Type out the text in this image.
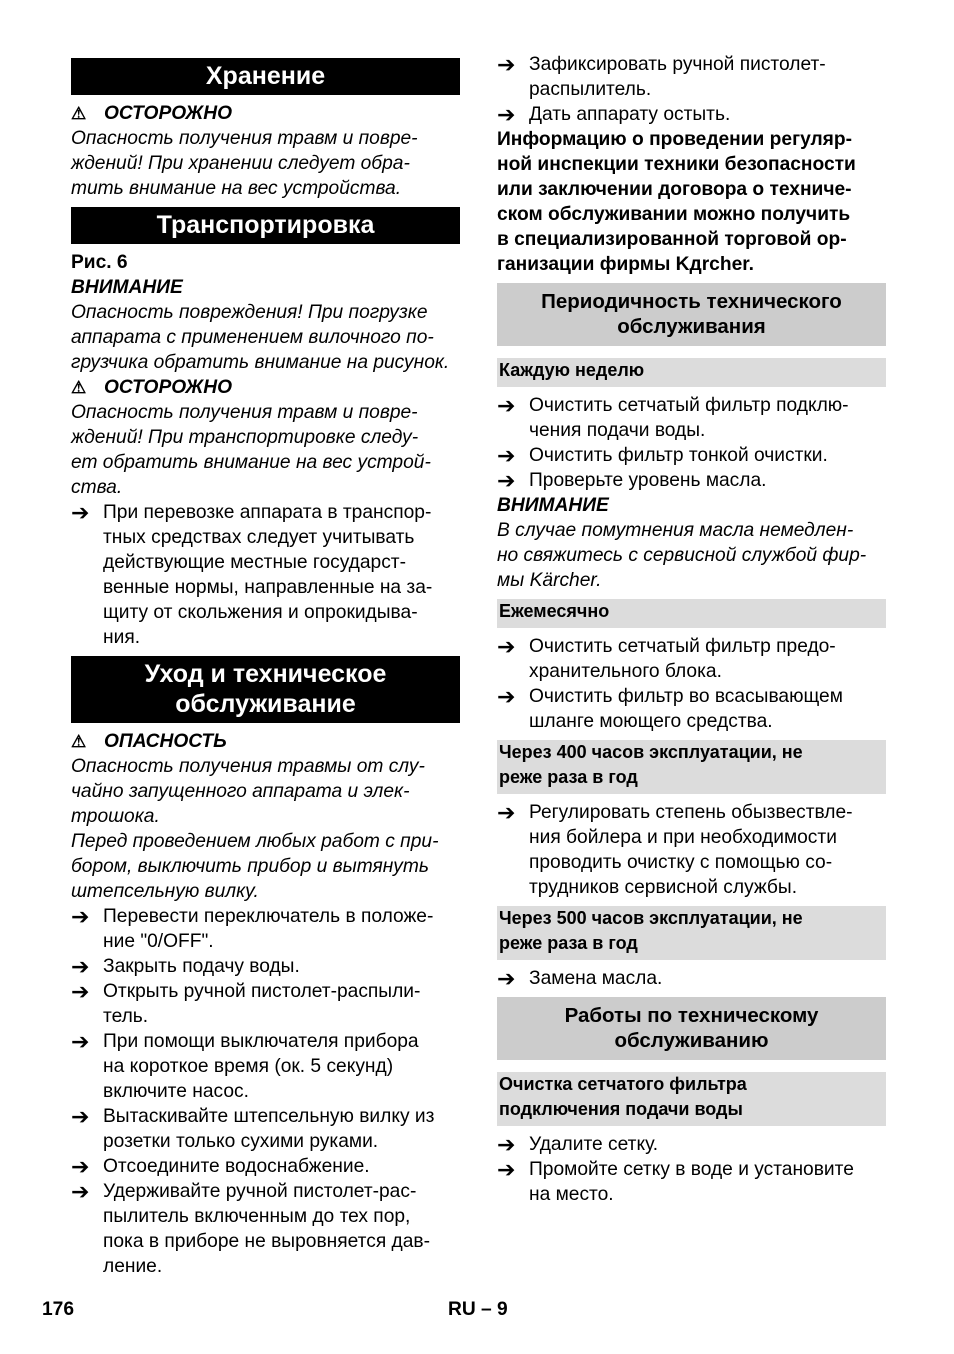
Хранение
⚠ ОСТОРОЖНО
Опасность получения травм и повре-
ждений! При хранении следует обра-
тить внимание на вес устройства.
Транспортировка
Рис. 6
ВНИМАНИЕ
Опасность повреждения! При погрузке
аппарата с применением вилочного по-
грузчика обратить внимание на рисунок.
⚠ ОСТОРОЖНО
Опасность получения травм и повре-
ждений! При транспортировке следу-
ет обратить внимание на вес устрой-
ства.
➔ При перевозке аппарата в транспор-
тных средствах следует учитывать
действующие местные государст-
венные нормы, направленные на за-
щиту от скольжения и опрокидыва-
ния.
Уход и техническое
обслуживание
⚠ ОПАСНОСТЬ
Опасность получения травмы от слу-
чайно запущенного аппарата и элек-
трошока.
Перед проведением любых работ с при-
бором, выключить прибор и вытянуть
штепсельную вилку.
➔ Перевести переключатель в положе-
ние "0/OFF".
➔ Закрыть подачу воды.
➔ Открыть ручной пистолет-распыли-
тель.
➔ При помощи выключателя прибора
на короткое время (ок. 5 секунд)
включите насос.
➔ Вытаскивайте штепсельную вилку из
розетки только сухими руками.
➔ Отсоедините водоснабжение.
➔ Удерживайте ручной пистолет-рас-
пылитель включенным до тех пор,
пока в приборе не выровняется дав-
ление.
➔ Зафиксировать ручной пистолет-
распылитель.
➔ Дать аппарату остыть.
Информацию о проведении регуляр-
ной инспекции техники безопасности
или заключении договора о техниче-
ском обслуживании можно получить
в специализированной торговой ор-
ганизации фирмы Kдrcher.
Периодичность технического
обслуживания
Каждую неделю
➔ Очистить сетчатый фильтр подклю-
чения подачи воды.
➔ Очистить фильтр тонкой очистки.
➔ Проверьте уровень масла.
ВНИМАНИЕ
В случае помутнения масла немедлен-
но свяжитесь с сервисной службой фир-
мы Kärcher.
Ежемесячно
➔ Очистить сетчатый фильтр предо-
хранительного блока.
➔ Очистить фильтр во всасывающем
шланге моющего средства.
Через 400 часов эксплуатации, не
реже раза в год
➔ Регулировать степень обызвествле-
ния бойлера и при необходимости
проводить очистку с помощью со-
трудников сервисной службы.
Через 500 часов эксплуатации, не
реже раза в год
➔ Замена масла.
Работы по техническому
обслуживанию
Очистка сетчатого фильтра
подключения подачи воды
➔ Удалите сетку.
➔ Промойте сетку в воде и установите
на место.
176	RU – 9
